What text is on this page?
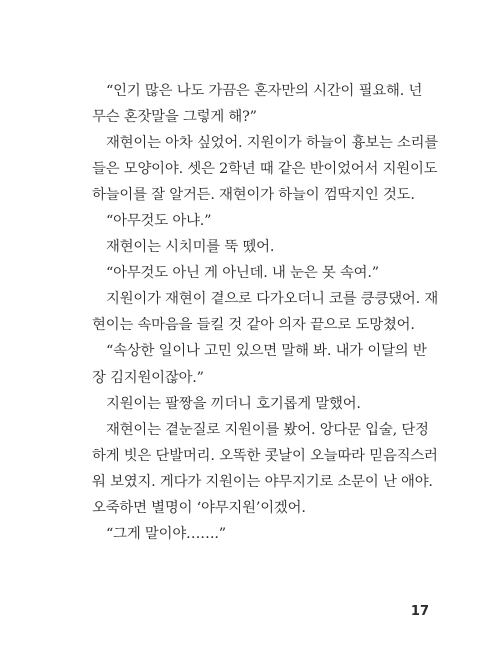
“인기 많은 나도 가끔은 혼자만의 시간이 필요해. 넌
무슨 혼잣말을 그렇게 해?”
재현이는 아차 싶었어. 지원이가 하늘이 흉보는 소리를
들은 모양이야. 셋은 2학년 때 같은 반이었어서 지원이도
하늘이를 잘 알거든. 재현이가 하늘이 껌딱지인 것도.
“아무것도 아냐.”
재현이는 시치미를 뚝 뗐어.
“아무것도 아닌 게 아닌데. 내 눈은 못 속여.”
지원이가 재현이 곁으로 다가오더니 코를 킁킁댔어. 재
현이는 속마음을 들킬 것 같아 의자 끝으로 도망쳤어.
“속상한 일이나 고민 있으면 말해 봐. 내가 이달의 반
장 김지원이잖아.”
지원이는 팔짱을 끼더니 호기롭게 말했어.
재현이는 곁눈질로 지원이를 봤어. 앙다문 입술, 단정
하게 빗은 단발머리. 오똑한 콧날이 오늘따라 믿음직스러
워 보였지. 게다가 지원이는 야무지기로 소문이 난 애야.
오죽하면 별명이 ‘야무지원’이겠어.
“그게 말이야…….”
17
